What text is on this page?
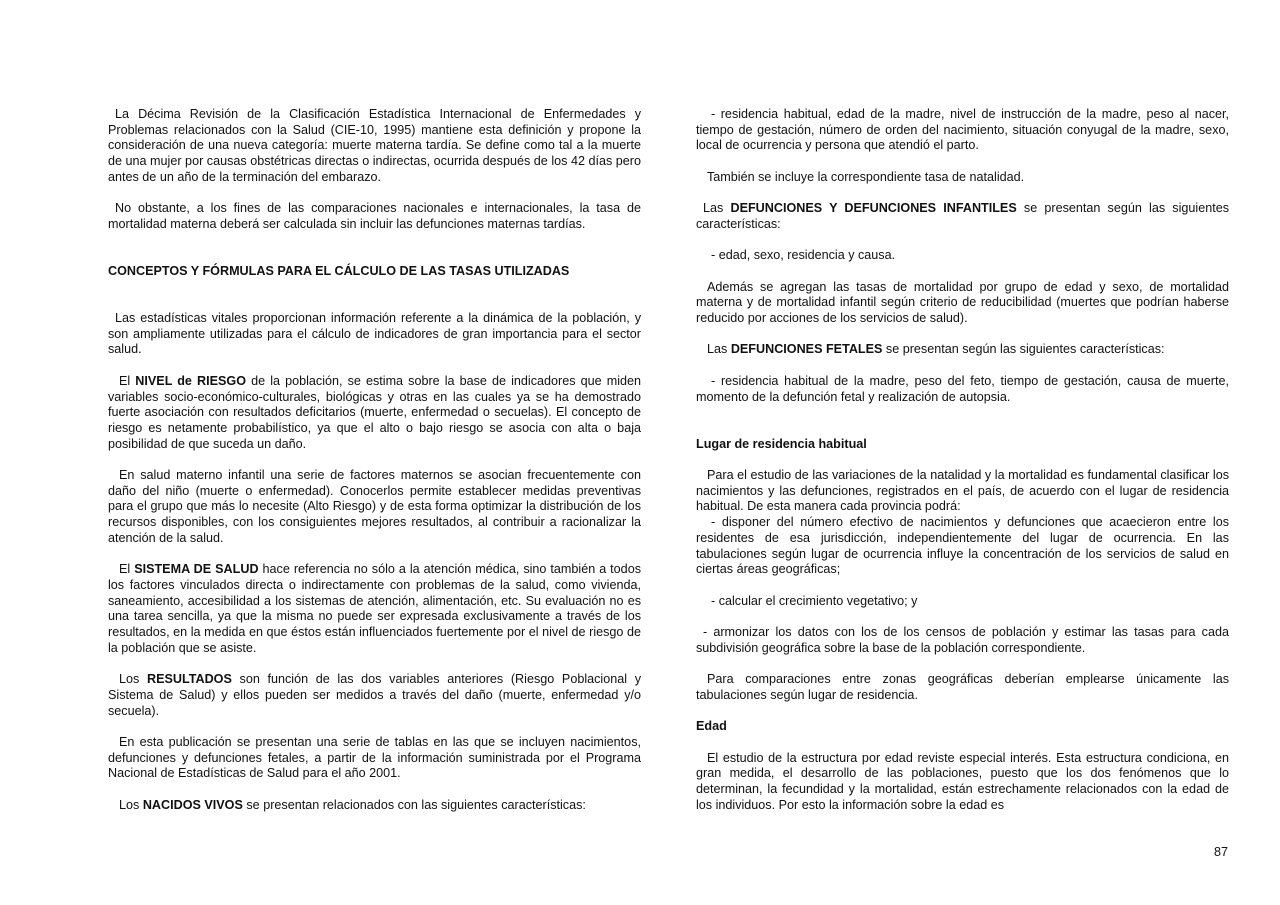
La Décima Revisión de la Clasificación Estadística Internacional de Enfermedades y Problemas relacionados con la Salud (CIE-10, 1995) mantiene esta definición y propone la consideración de una nueva categoría: muerte materna tardía. Se define como tal a la muerte de una mujer por causas obstétricas directas o indirectas, ocurrida después de los 42 días pero antes de un año de la terminación del embarazo.

No obstante, a los fines de las comparaciones nacionales e internacionales, la tasa de mortalidad materna deberá ser calculada sin incluir las defunciones maternas tardías.

CONCEPTOS Y FÓRMULAS PARA EL CÁLCULO DE LAS TASAS UTILIZADAS

Las estadísticas vitales proporcionan información referente a la dinámica de la población, y son ampliamente utilizadas para el cálculo de indicadores de gran importancia para el sector salud.

El NIVEL de RIESGO de la población, se estima sobre la base de indicadores que miden variables socio-económico-culturales, biológicas y otras en las cuales ya se ha demostrado fuerte asociación con resultados deficitarios (muerte, enfermedad o secuelas). El concepto de riesgo es netamente probabilístico, ya que el alto o bajo riesgo se asocia con alta o baja posibilidad de que suceda un daño.

En salud materno infantil una serie de factores maternos se asocian frecuentemente con daño del niño (muerte o enfermedad). Conocerlos permite establecer medidas preventivas para el grupo que más lo necesite (Alto Riesgo) y de esta forma optimizar la distribución de los recursos disponibles, con los consiguientes mejores resultados, al contribuir a racionalizar la atención de la salud.

El SISTEMA DE SALUD hace referencia no sólo a la atención médica, sino también a todos los factores vinculados directa o indirectamente con problemas de la salud, como vivienda, saneamiento, accesibilidad a los sistemas de atención, alimentación, etc. Su evaluación no es una tarea sencilla, ya que la misma no puede ser expresada exclusivamente a través de los resultados, en la medida en que éstos están influenciados fuertemente por el nivel de riesgo de la población que se asiste.

Los RESULTADOS son función de las dos variables anteriores (Riesgo Poblacional y Sistema de Salud) y ellos pueden ser medidos a través del daño (muerte, enfermedad y/o secuela).

En esta publicación se presentan una serie de tablas en las que se incluyen nacimientos, defunciones y defunciones fetales, a partir de la información suministrada por el Programa Nacional de Estadísticas de Salud para el año 2001.

Los NACIDOS VIVOS se presentan relacionados con las siguientes características:

- residencia habitual, edad de la madre, nivel de instrucción de la madre, peso al nacer, tiempo de gestación, número de orden del nacimiento, situación conyugal de la madre, sexo, local de ocurrencia y persona que atendió el parto.

También se incluye la correspondiente tasa de natalidad.

Las DEFUNCIONES Y DEFUNCIONES INFANTILES se presentan según las siguientes características:

- edad, sexo, residencia y causa.

Además se agregan las tasas de mortalidad por grupo de edad y sexo, de mortalidad materna y de mortalidad infantil según criterio de reducibilidad (muertes que podrían haberse reducido por acciones de los servicios de salud).

Las DEFUNCIONES FETALES se presentan según las siguientes características:

- residencia habitual de la madre, peso del feto, tiempo de gestación, causa de muerte, momento de la defunción fetal y realización de autopsia.

Lugar de residencia habitual

Para el estudio de las variaciones de la natalidad y la mortalidad es fundamental clasificar los nacimientos y las defunciones, registrados en el país, de acuerdo con el lugar de residencia habitual. De esta manera cada provincia podrá:

- disponer del número efectivo de nacimientos y defunciones que acaecieron entre los residentes de esa jurisdicción, independientemente del lugar de ocurrencia. En las tabulaciones según lugar de ocurrencia influye la concentración de los servicios de salud en ciertas áreas geográficas;

- calcular el crecimiento vegetativo; y

- armonizar los datos con los de los censos de población y estimar las tasas para cada subdivisión geográfica sobre la base de la población correspondiente.

Para comparaciones entre zonas geográficas deberían emplearse únicamente las tabulaciones según lugar de residencia.

Edad

El estudio de la estructura por edad reviste especial interés. Esta estructura condiciona, en gran medida, el desarrollo de las poblaciones, puesto que los dos fenómenos que lo determinan, la fecundidad y la mortalidad, están estrechamente relacionados con la edad de los individuos. Por esto la información sobre la edad es

87
